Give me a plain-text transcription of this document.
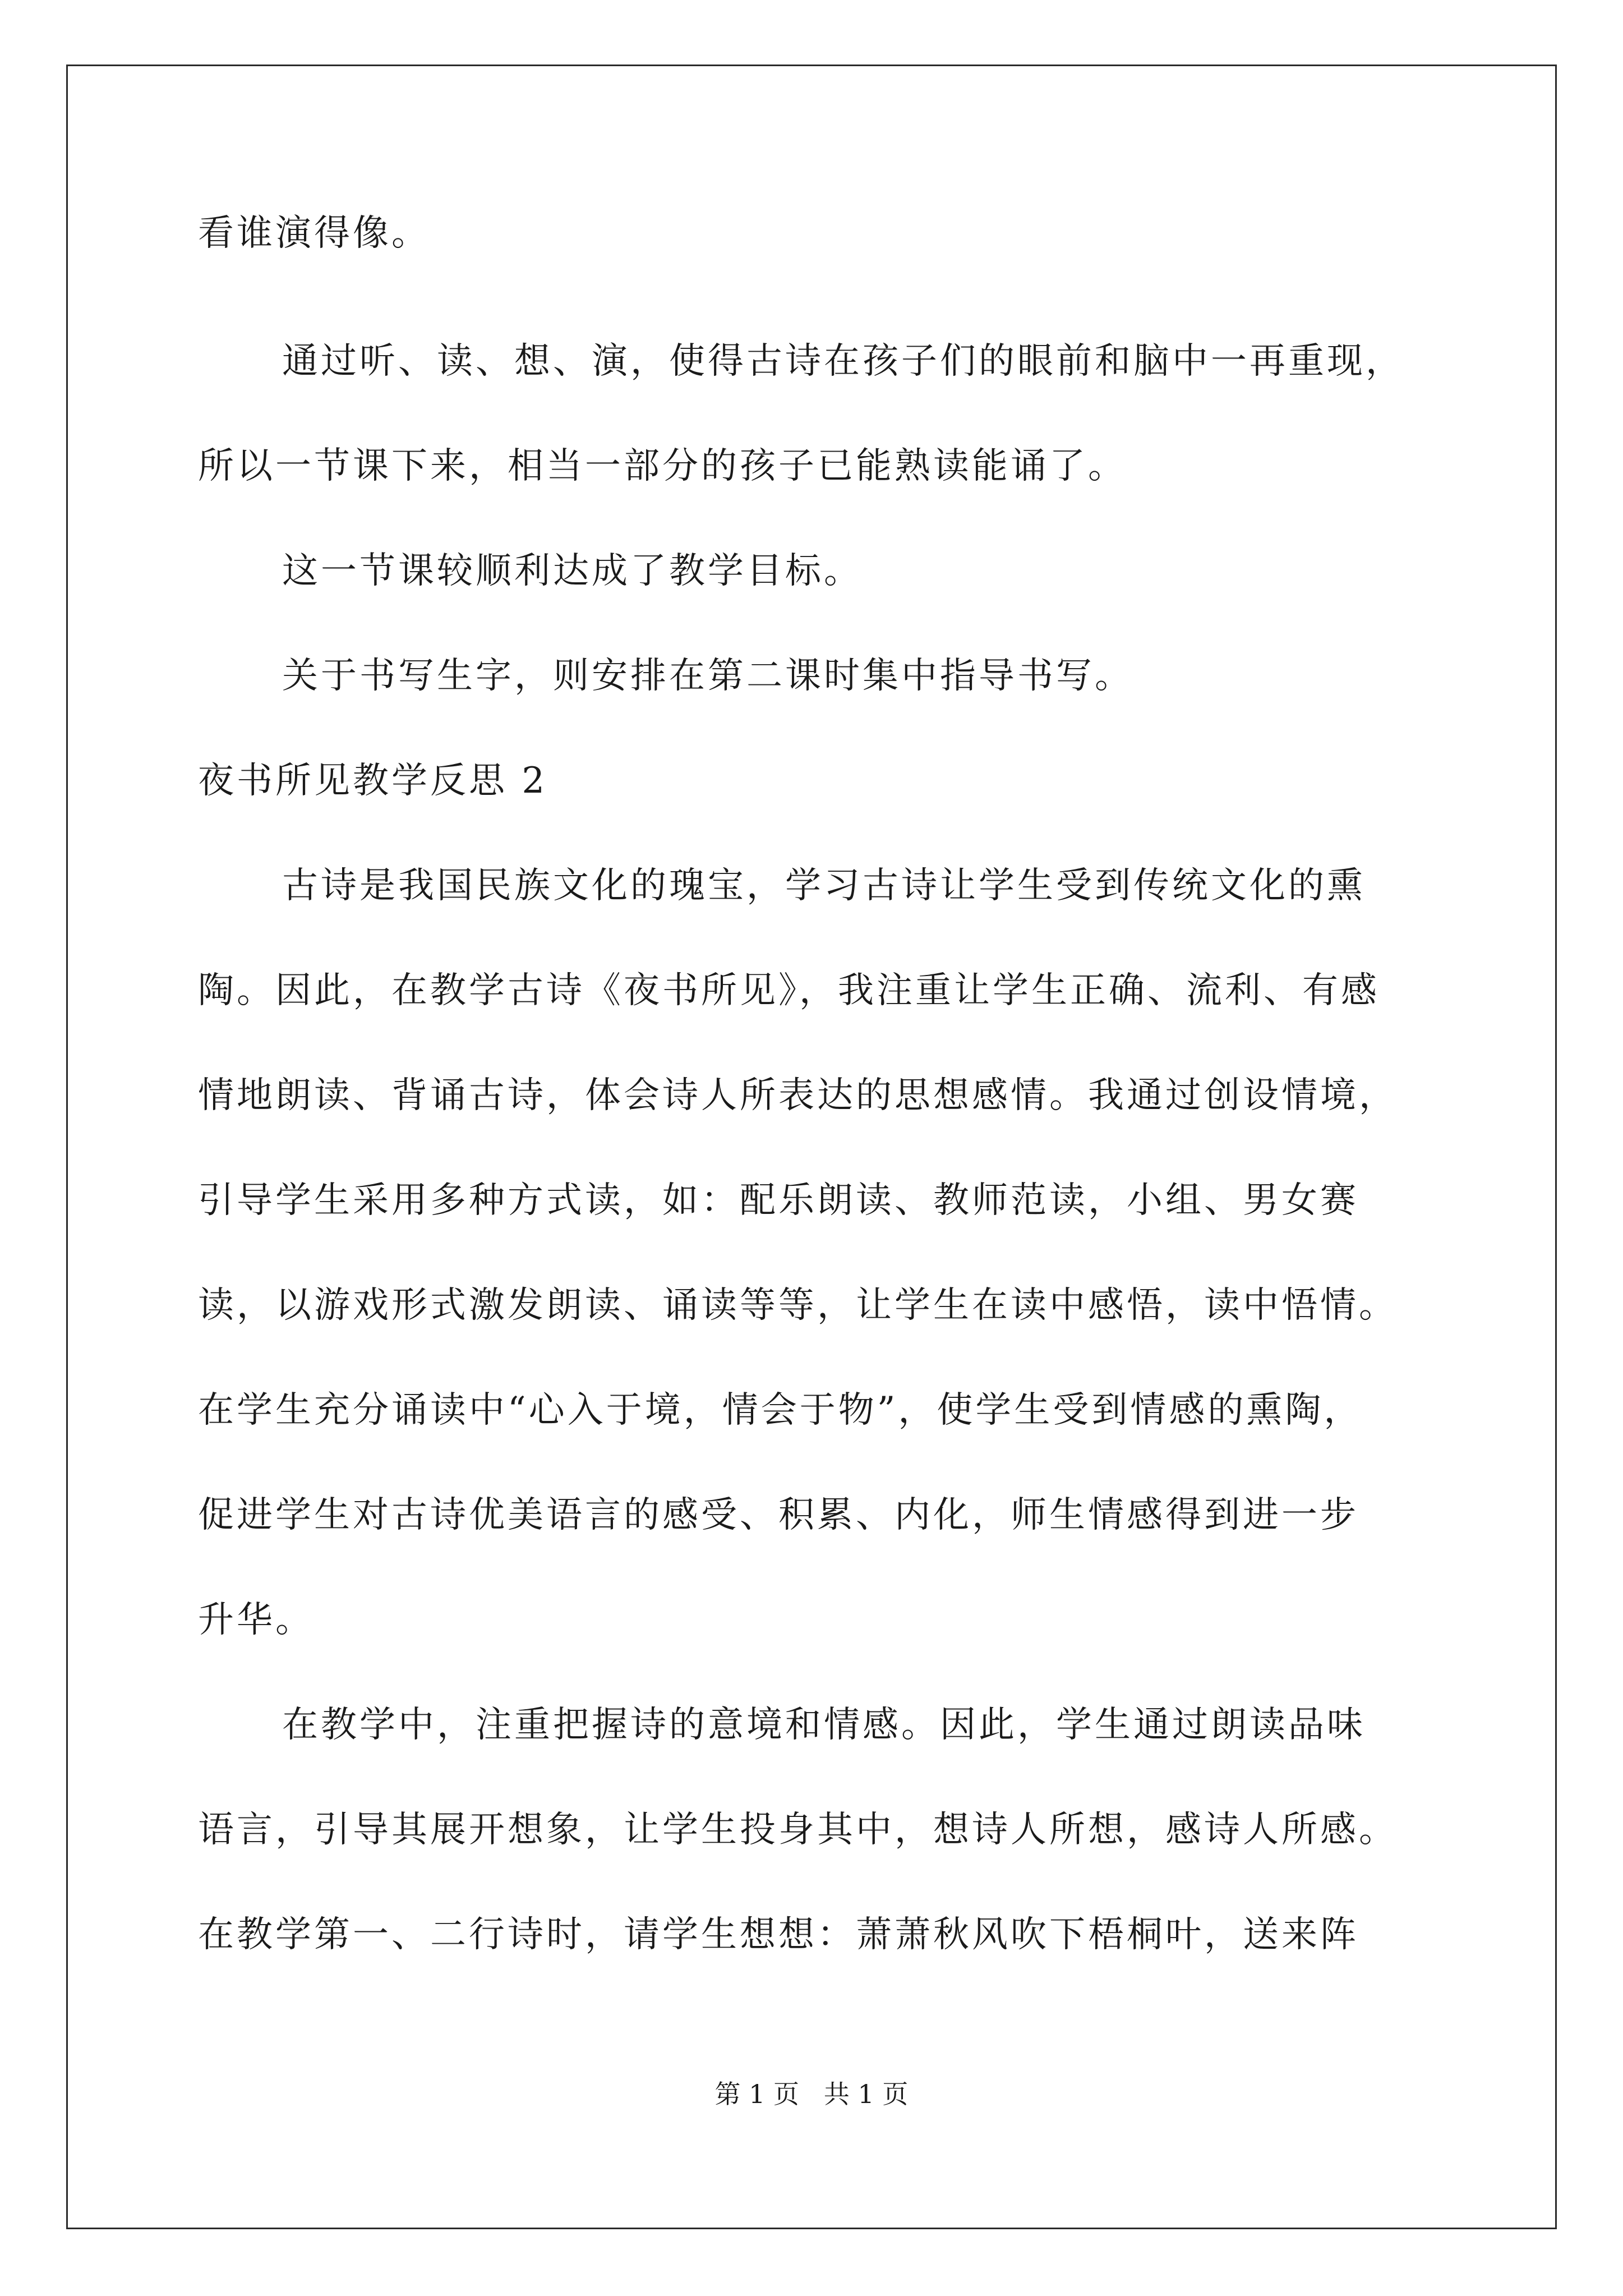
看谁演得像。
通过听、读、想、演，使得古诗在孩子们的眼前和脑中一再重现，
所以一节课下来，相当一部分的孩子已能熟读能诵了。
这一节课较顺利达成了教学目标。
关于书写生字，则安排在第二课时集中指导书写。
夜书所见教学反思 2
古诗是我国民族文化的瑰宝，学习古诗让学生受到传统文化的熏
陶。因此，在教学古诗《夜书所见》，我注重让学生正确、流利、有感
情地朗读、背诵古诗，体会诗人所表达的思想感情。我通过创设情境，
引导学生采用多种方式读，如：配乐朗读、教师范读，小组、男女赛
读，以游戏形式激发朗读、诵读等等，让学生在读中感悟，读中悟情。
在学生充分诵读中“心入于境，情会于物”，使学生受到情感的熏陶，
促进学生对古诗优美语言的感受、积累、内化，师生情感得到进一步
升华。
在教学中，注重把握诗的意境和情感。因此，学生通过朗读品味
语言，引导其展开想象，让学生投身其中，想诗人所想，感诗人所感。
在教学第一、二行诗时，请学生想想：萧萧秋风吹下梧桐叶，送来阵
第 1 页   共 1 页
